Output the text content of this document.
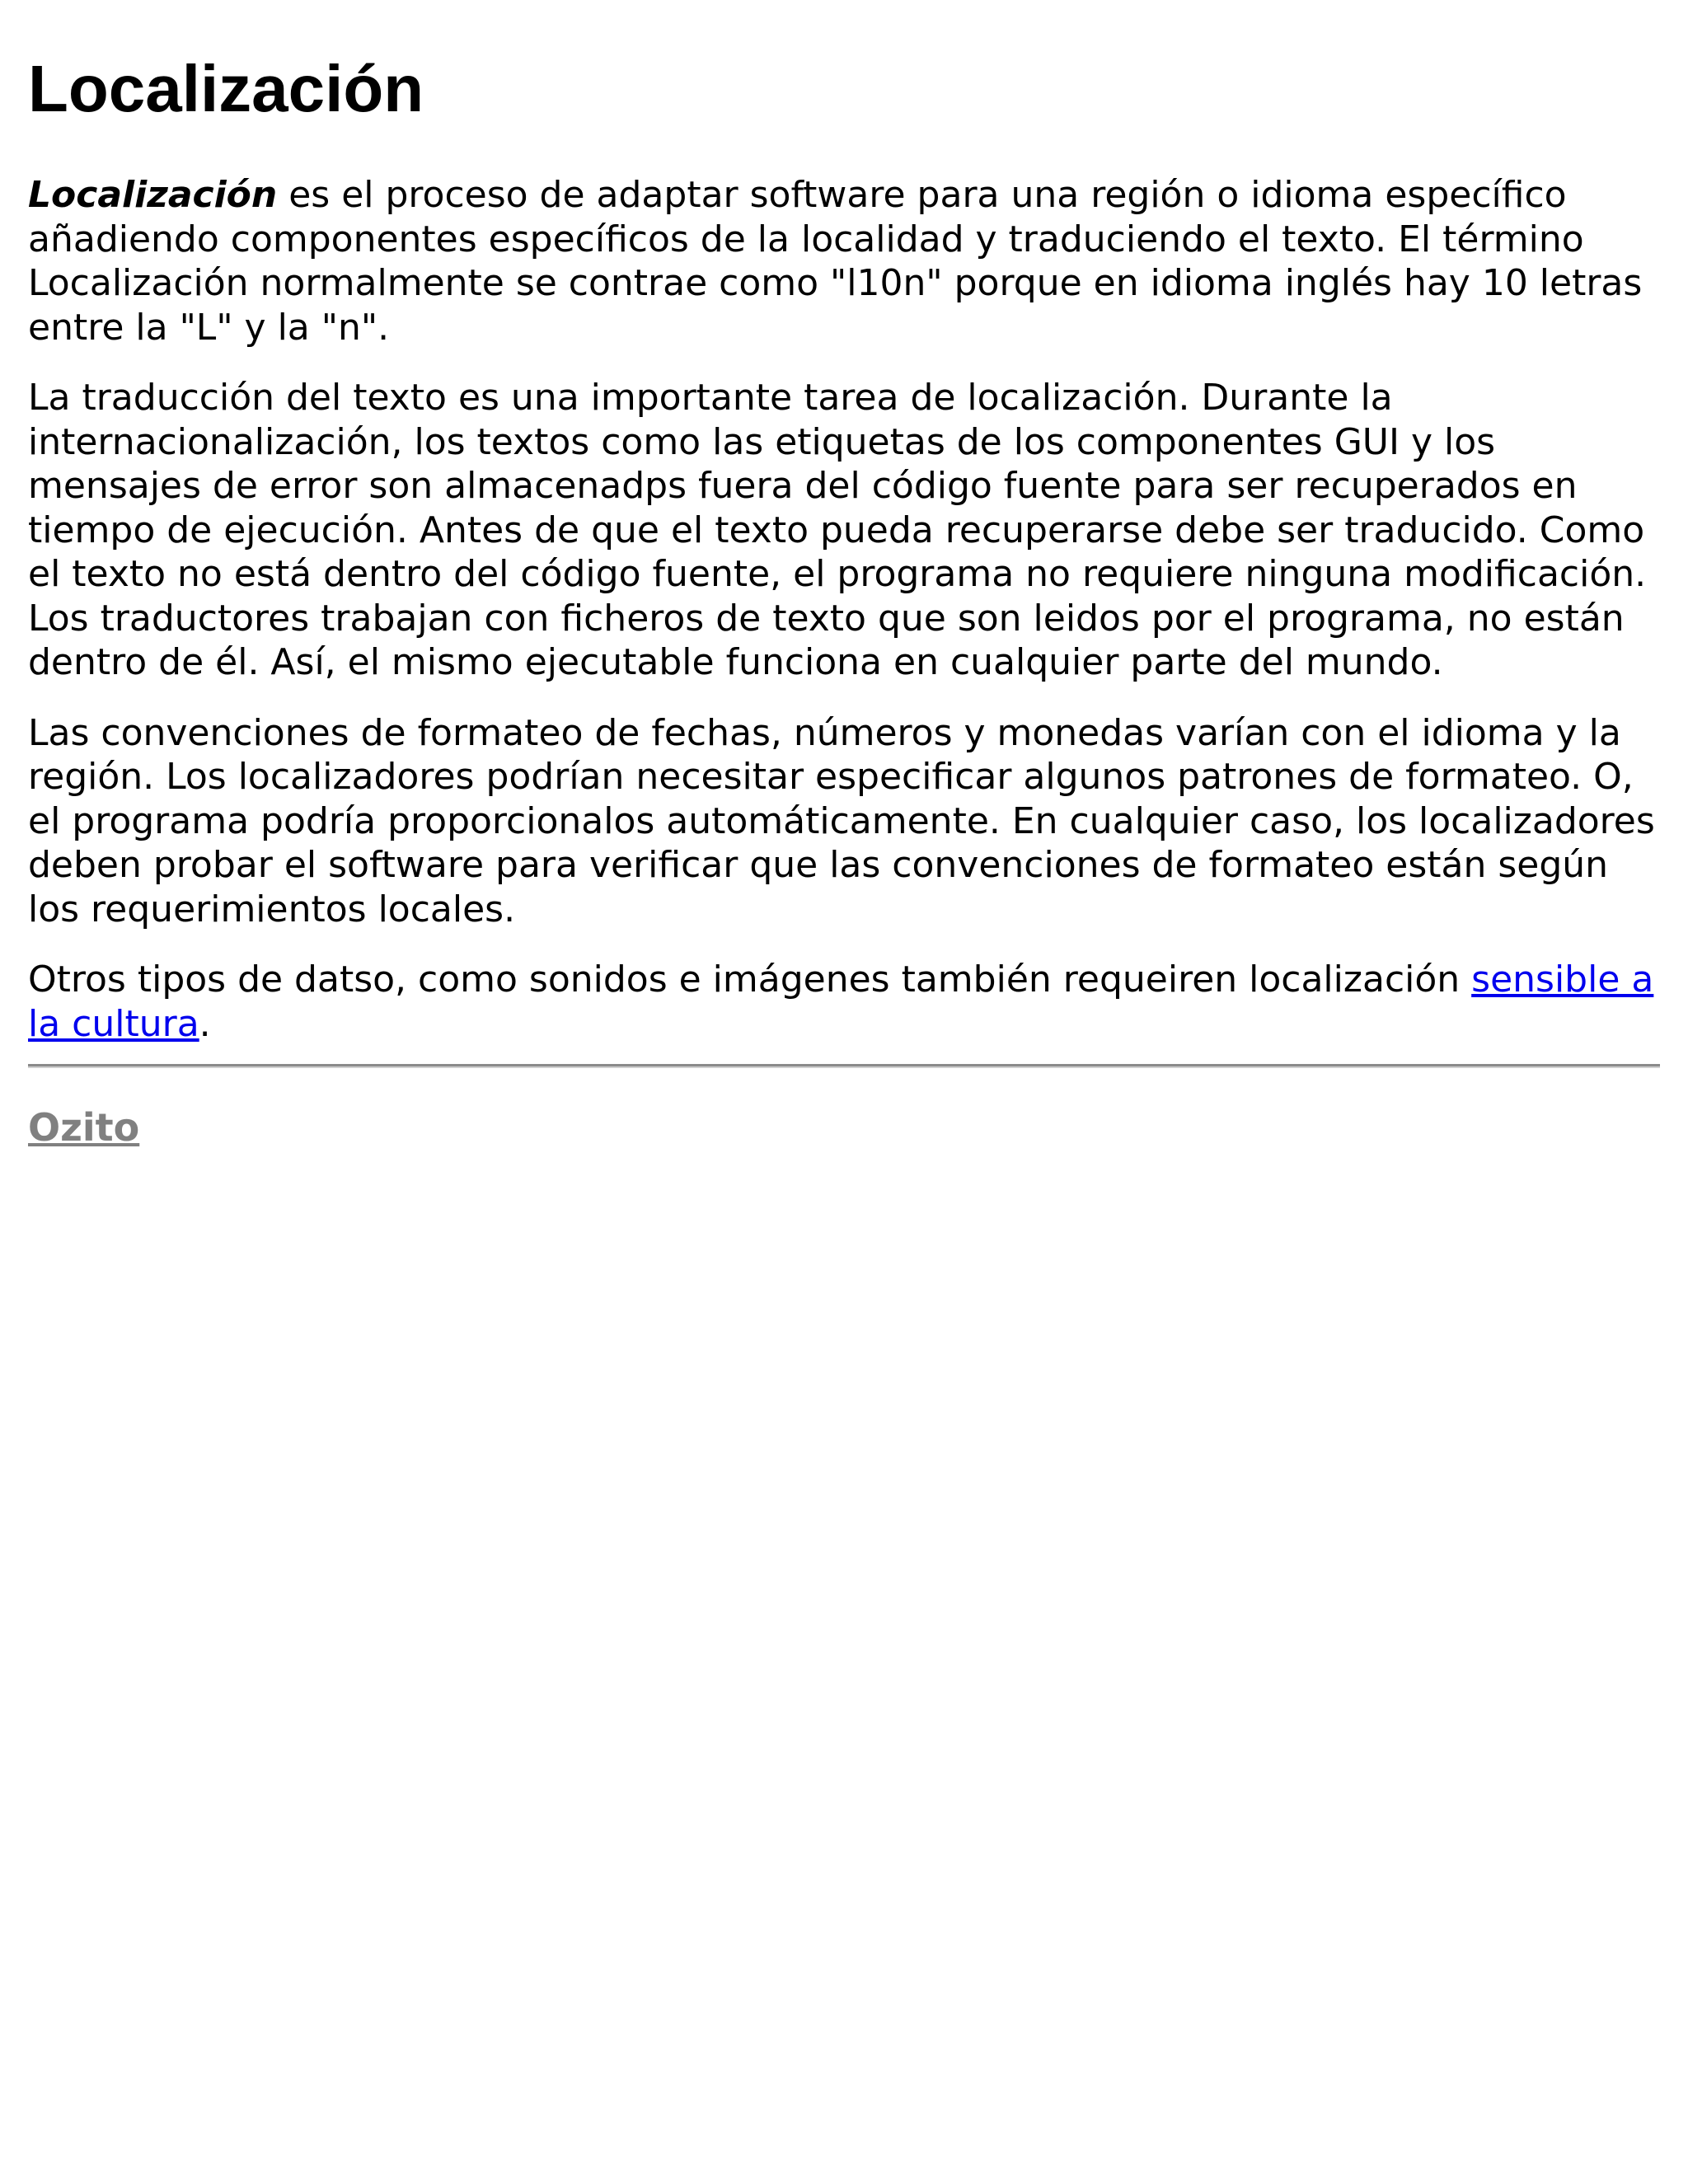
Localización

Localización es el proceso de adaptar software para una región o idioma específico añadiendo componentes específicos de la localidad y traduciendo el texto. El término Localización normalmente se contrae como "l10n" porque en idioma inglés hay 10 letras entre la "L" y la "n".

La traducción del texto es una importante tarea de localización. Durante la internacionalización, los textos como las etiquetas de los componentes GUI y los mensajes de error son almacenadps fuera del código fuente para ser recuperados en tiempo de ejecución. Antes de que el texto pueda recuperarse debe ser traducido. Como el texto no está dentro del código fuente, el programa no requiere ninguna modificación. Los traductores trabajan con ficheros de texto que son leidos por el programa, no están dentro de él. Así, el mismo ejecutable funciona en cualquier parte del mundo.

Las convenciones de formateo de fechas, números y monedas varían con el idioma y la región. Los localizadores podrían necesitar especificar algunos patrones de formateo. O, el programa podría proporcionalos automáticamente. En cualquier caso, los localizadores deben probar el software para verificar que las convenciones de formateo están según los requerimientos locales.

Otros tipos de datso, como sonidos e imágenes también requeiren localización sensible a la cultura.

Ozito
